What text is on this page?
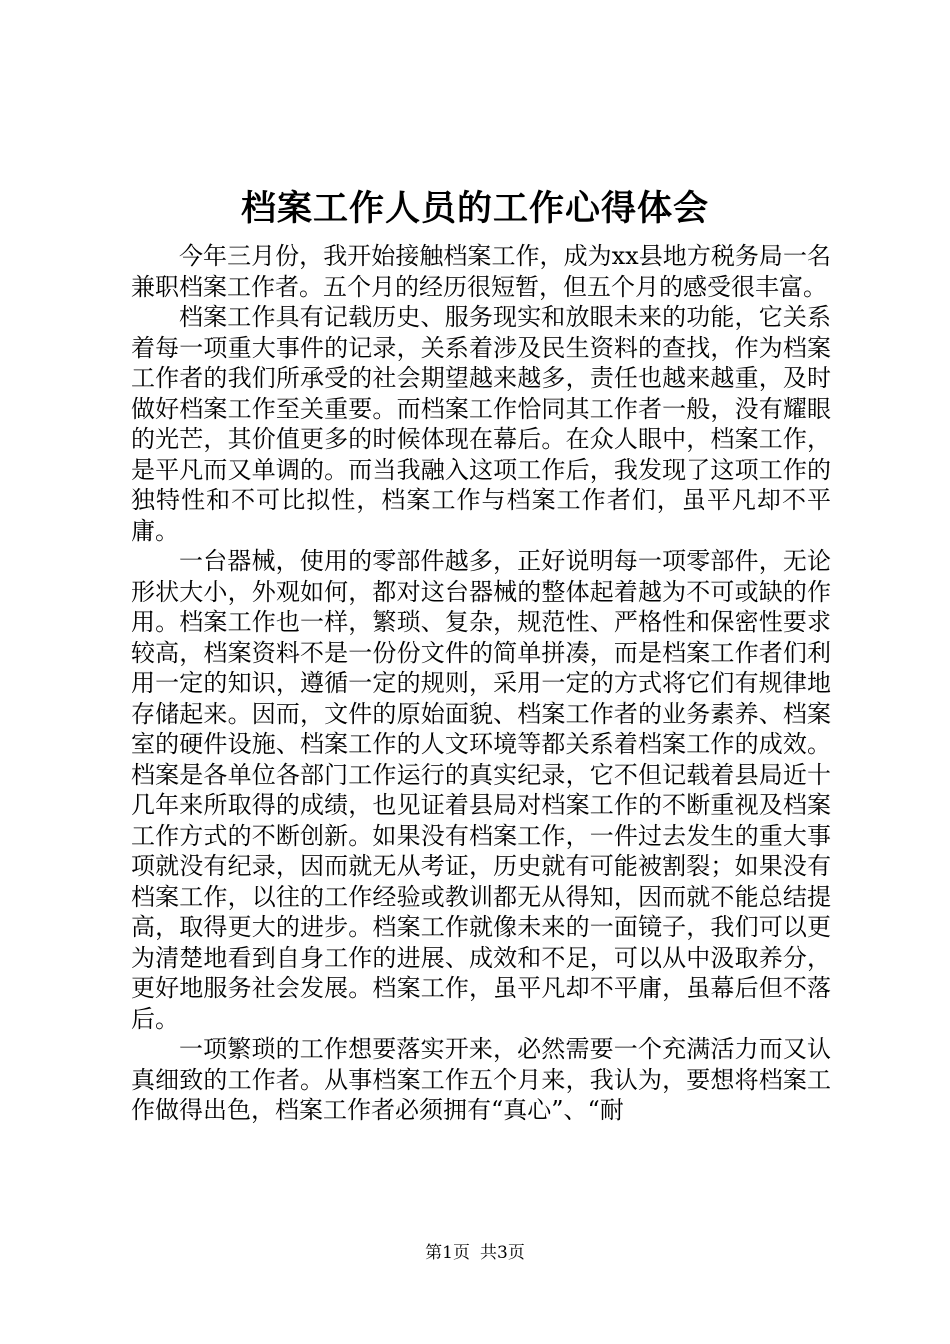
档案工作人员的工作心得体会

今年三月份，我开始接触档案工作，成为xx县地方税务局一名兼职档案工作者。五个月的经历很短暂，但五个月的感受很丰富。

档案工作具有记载历史、服务现实和放眼未来的功能，它关系着每一项重大事件的记录，关系着涉及民生资料的查找，作为档案工作者的我们所承受的社会期望越来越多，责任也越来越重，及时做好档案工作至关重要。而档案工作恰同其工作者一般，没有耀眼的光芒，其价值更多的时候体现在幕后。在众人眼中，档案工作，是平凡而又单调的。而当我融入这项工作后，我发现了这项工作的独特性和不可比拟性，档案工作与档案工作者们，虽平凡却不平庸。

一台器械，使用的零部件越多，正好说明每一项零部件，无论形状大小，外观如何，都对这台器械的整体起着越为不可或缺的作用。档案工作也一样，繁琐、复杂，规范性、严格性和保密性要求较高，档案资料不是一份份文件的简单拼凑，而是档案工作者们利用一定的知识，遵循一定的规则，采用一定的方式将它们有规律地存储起来。因而，文件的原始面貌、档案工作者的业务素养、档案室的硬件设施、档案工作的人文环境等都关系着档案工作的成效。档案是各单位各部门工作运行的真实纪录，它不但记载着县局近十几年来所取得的成绩，也见证着县局对档案工作的不断重视及档案工作方式的不断创新。如果没有档案工作，一件过去发生的重大事项就没有纪录，因而就无从考证，历史就有可能被割裂；如果没有档案工作，以往的工作经验或教训都无从得知，因而就不能总结提高，取得更大的进步。档案工作就像未来的一面镜子，我们可以更为清楚地看到自身工作的进展、成效和不足，可以从中汲取养分，更好地服务社会发展。档案工作，虽平凡却不平庸，虽幕后但不落后。

一项繁琐的工作想要落实开来，必然需要一个充满活力而又认真细致的工作者。从事档案工作五个月来，我认为，要想将档案工作做得出色，档案工作者必须拥有“真心”、“耐

第1页 共3页
